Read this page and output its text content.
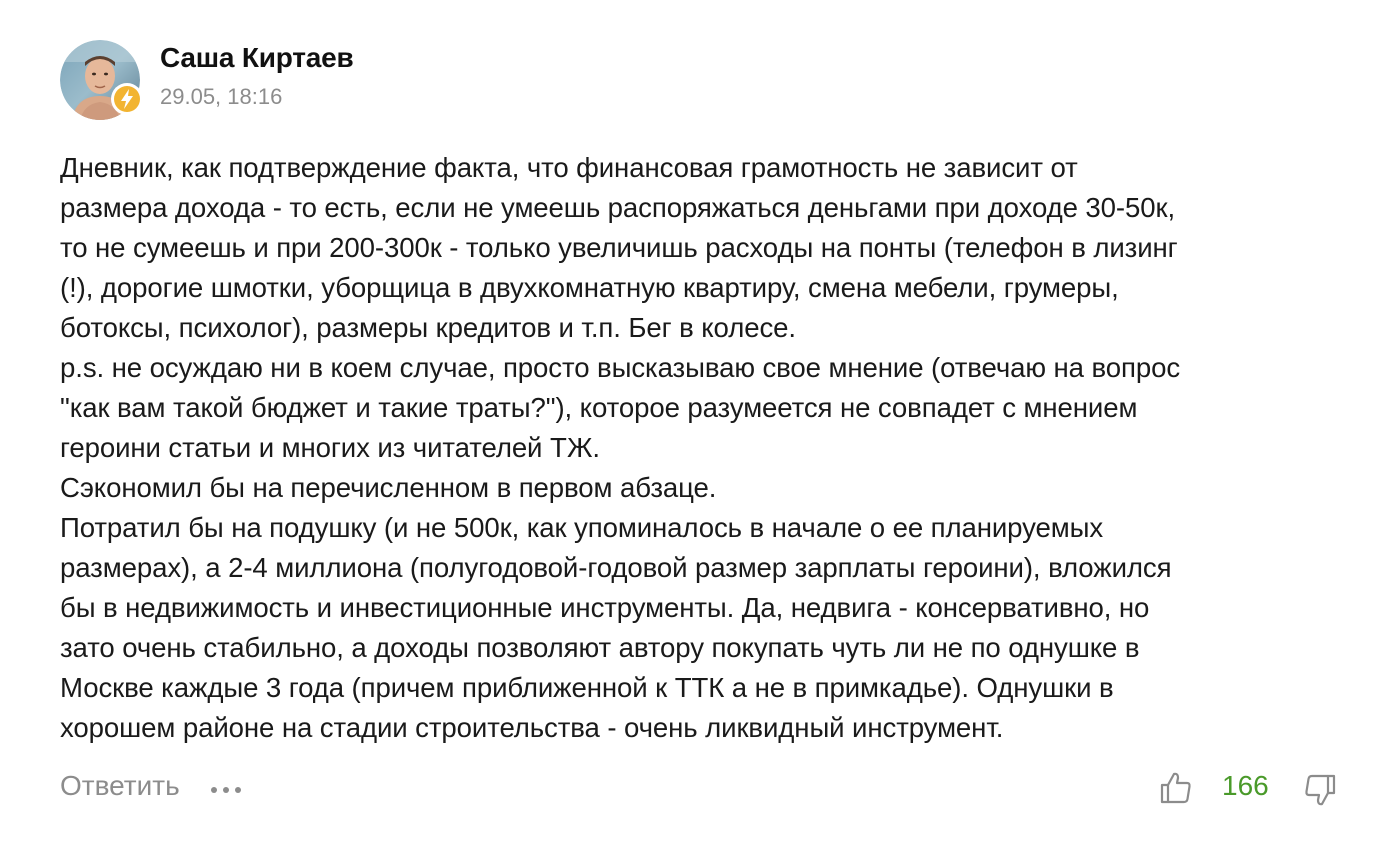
Саша Киртаев
29.05, 18:16
Дневник, как подтверждение факта, что финансовая грамотность не зависит от
размера дохода - то есть, если не умеешь распоряжаться деньгами при доходе 30-50к,
то не сумеешь и при 200-300к - только увеличишь расходы на понты (телефон в лизинг
(!), дорогие шмотки, уборщица в двухкомнатную квартиру, смена мебели, грумеры,
ботоксы, психолог), размеры кредитов и т.п. Бег в колесе.
p.s. не осуждаю ни в коем случае, просто высказываю свое мнение (отвечаю на вопрос
"как вам такой бюджет и такие траты?"), которое разумеется не совпадет с мнением
героини статьи и многих из читателей ТЖ.
Сэкономил бы на перечисленном в первом абзаце.
Потратил бы на подушку (и не 500к, как упоминалось в начале о ее планируемых
размерах), а 2-4 миллиона (полугодовой-годовой размер зарплаты героини), вложился
бы в недвижимость и инвестиционные инструменты. Да, недвига - консервативно, но
зато очень стабильно, а доходы позволяют автору покупать чуть ли не по однушке в
Москве каждые 3 года (причем приближенной к ТТК а не в примкадье). Однушки в
хорошем районе на стадии строительства - очень ликвидный инструмент.
Ответить	166
